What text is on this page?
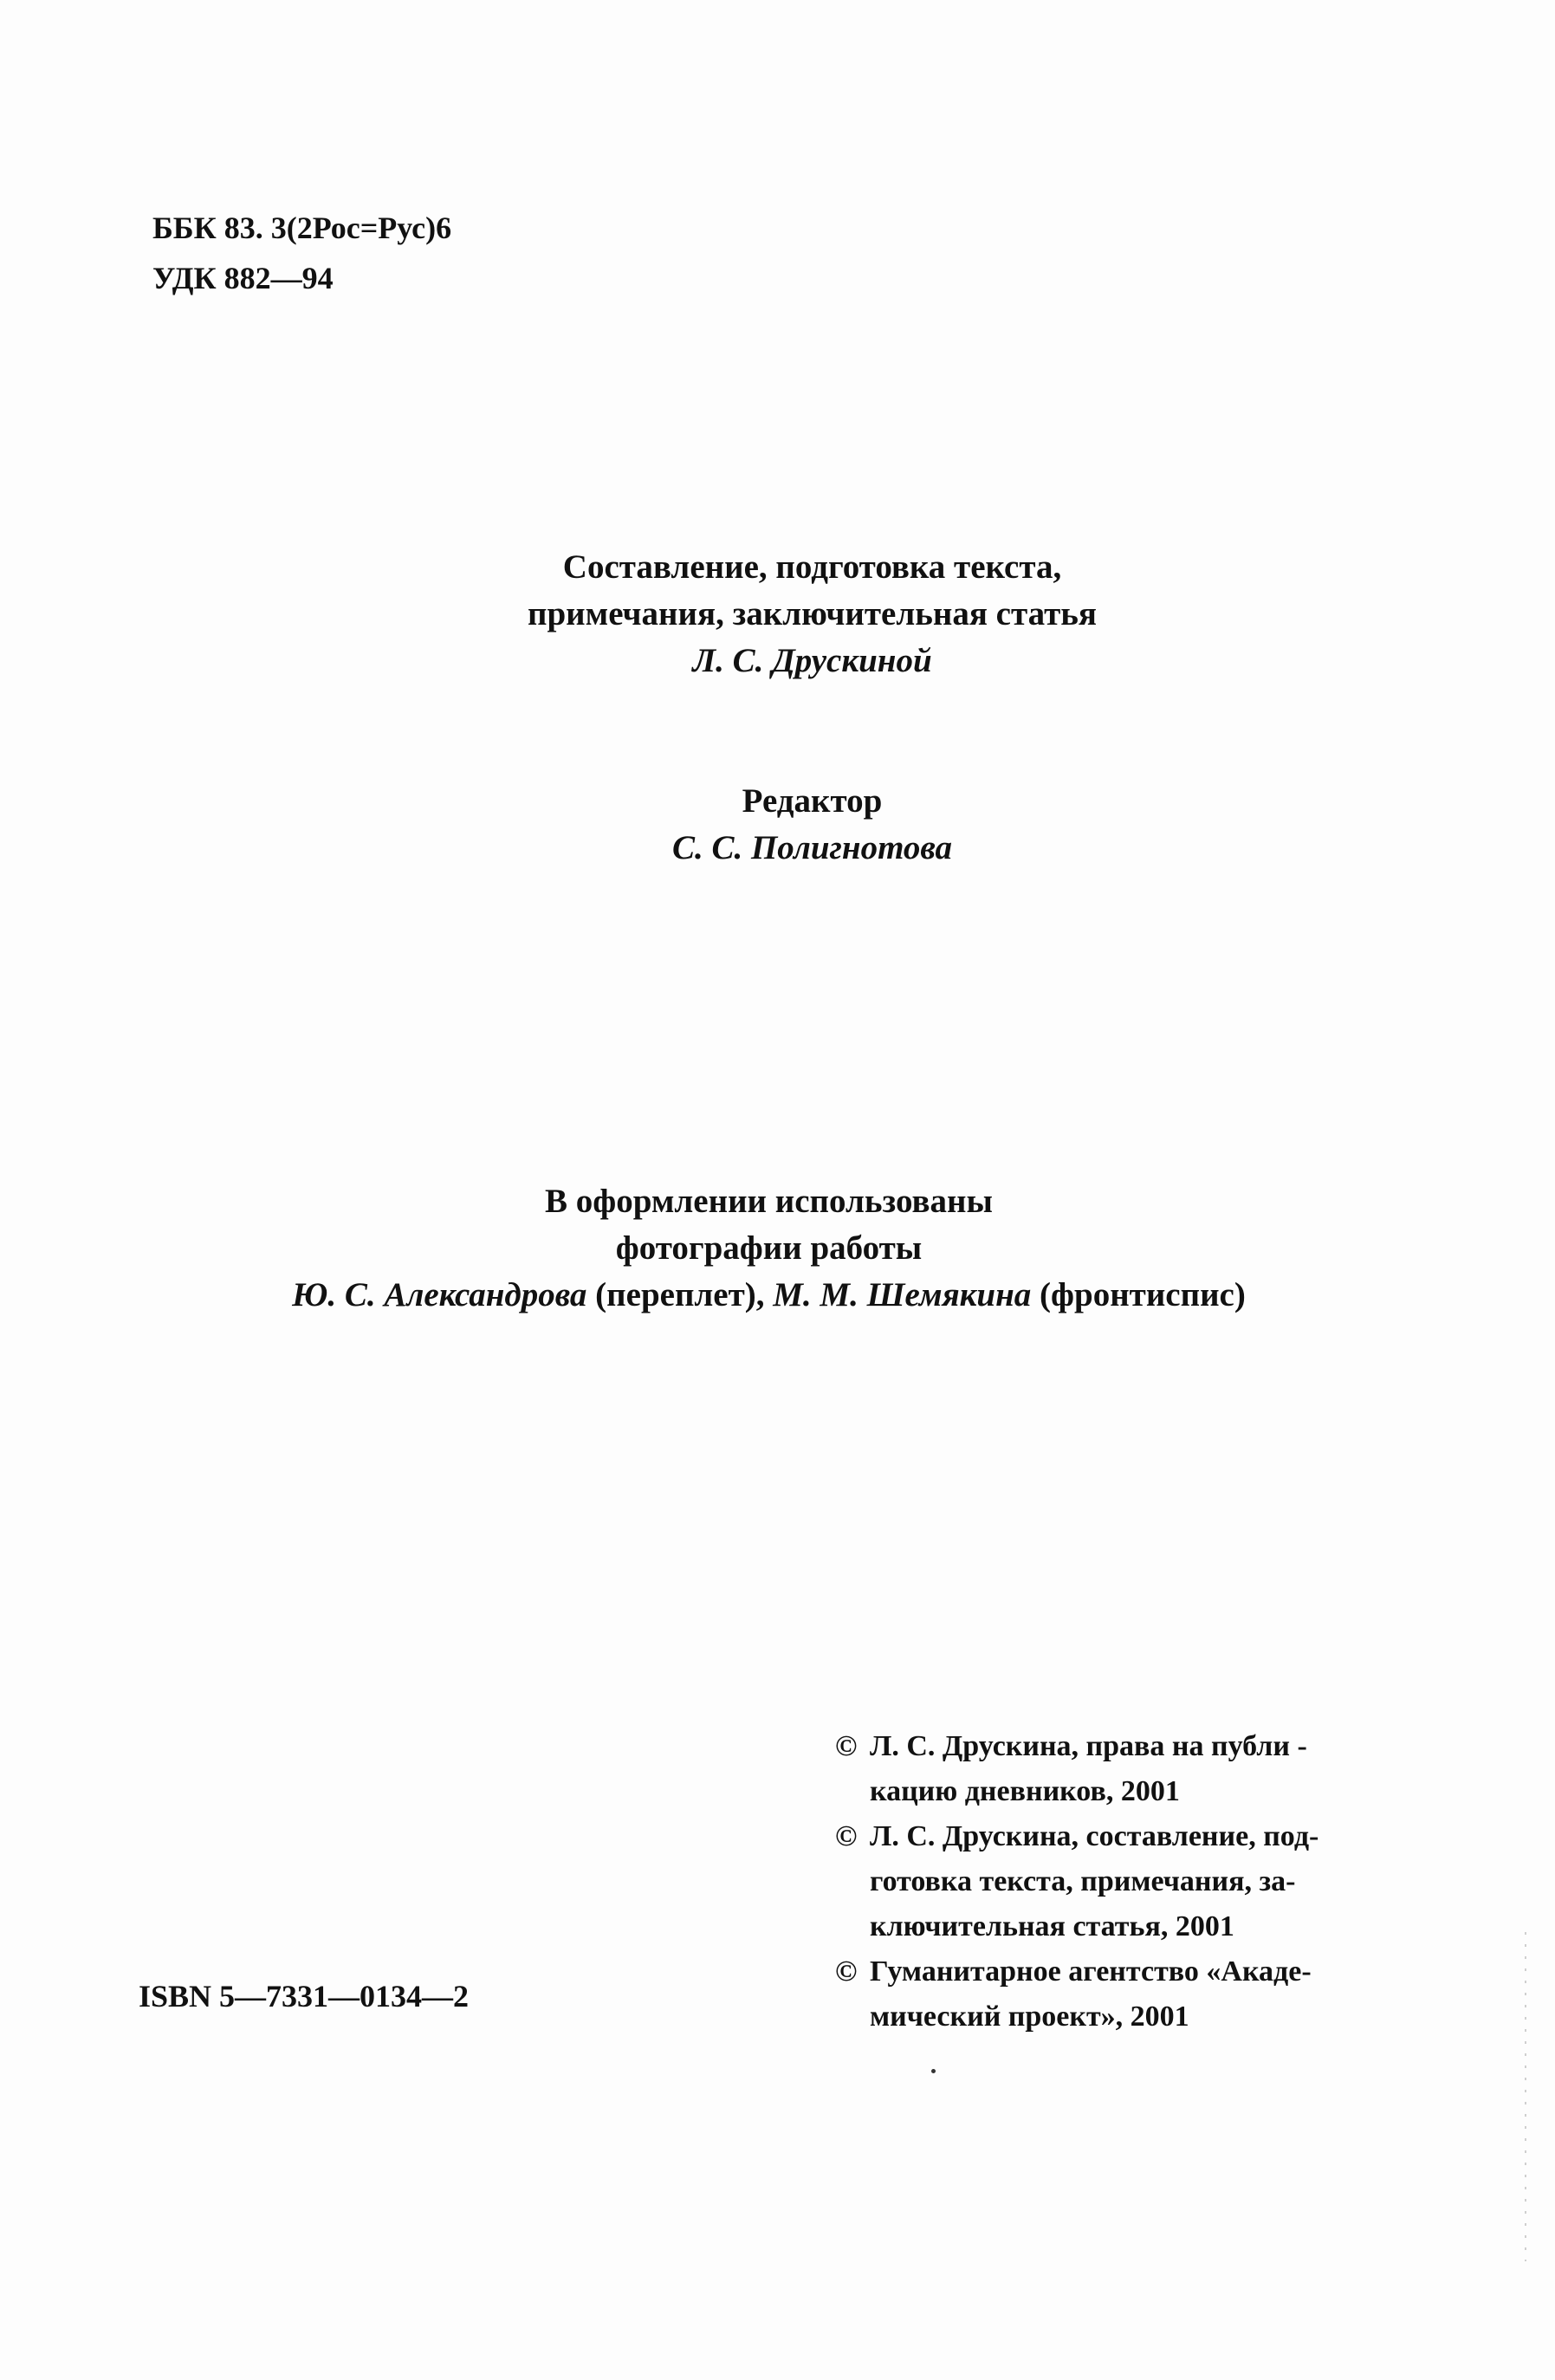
ББК 83. 3(2Рос=Рус)6
УДК 882—94
Составление, подготовка текста,
примечания, заключительная статья
Л. С. Друскиной
Редактор
С. С. Полигнотова
В оформлении использованы
фотографии работы
Ю. С. Александрова (переплет), М. М. Шемякина (фронтиспис)
© Л. С. Друскина, права на публи -
кацию дневников, 2001
© Л. С. Друскина, составление, под-
готовка текста, примечания, за-
ключительная статья, 2001
© Гуманитарное агентство «Акаде-
мический проект», 2001
ISBN 5—7331—0134—2
